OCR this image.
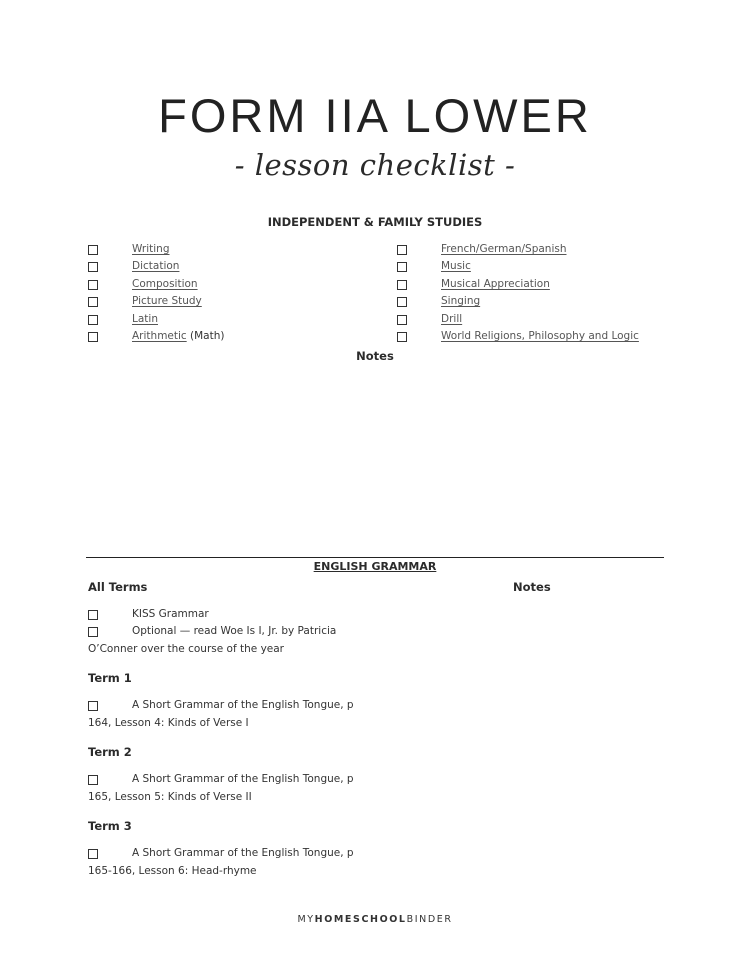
FORM IIA LOWER
- lesson checklist -
INDEPENDENT & FAMILY STUDIES
Writing
Dictation
Composition
Picture Study
Latin
Arithmetic (Math)
French/German/Spanish
Music
Musical Appreciation
Singing
Drill
World Religions, Philosophy and Logic
Notes
ENGLISH GRAMMAR
All Terms	Notes
KISS Grammar
Optional — read Woe Is I, Jr. by Patricia
O’Conner over the course of the year
Term 1
A Short Grammar of the English Tongue, p
164, Lesson 4: Kinds of Verse I
Term 2
A Short Grammar of the English Tongue, p
165, Lesson 5: Kinds of Verse II
Term 3
A Short Grammar of the English Tongue, p
165-166, Lesson 6: Head-rhyme
MYHOMESCHOOLBINDER
